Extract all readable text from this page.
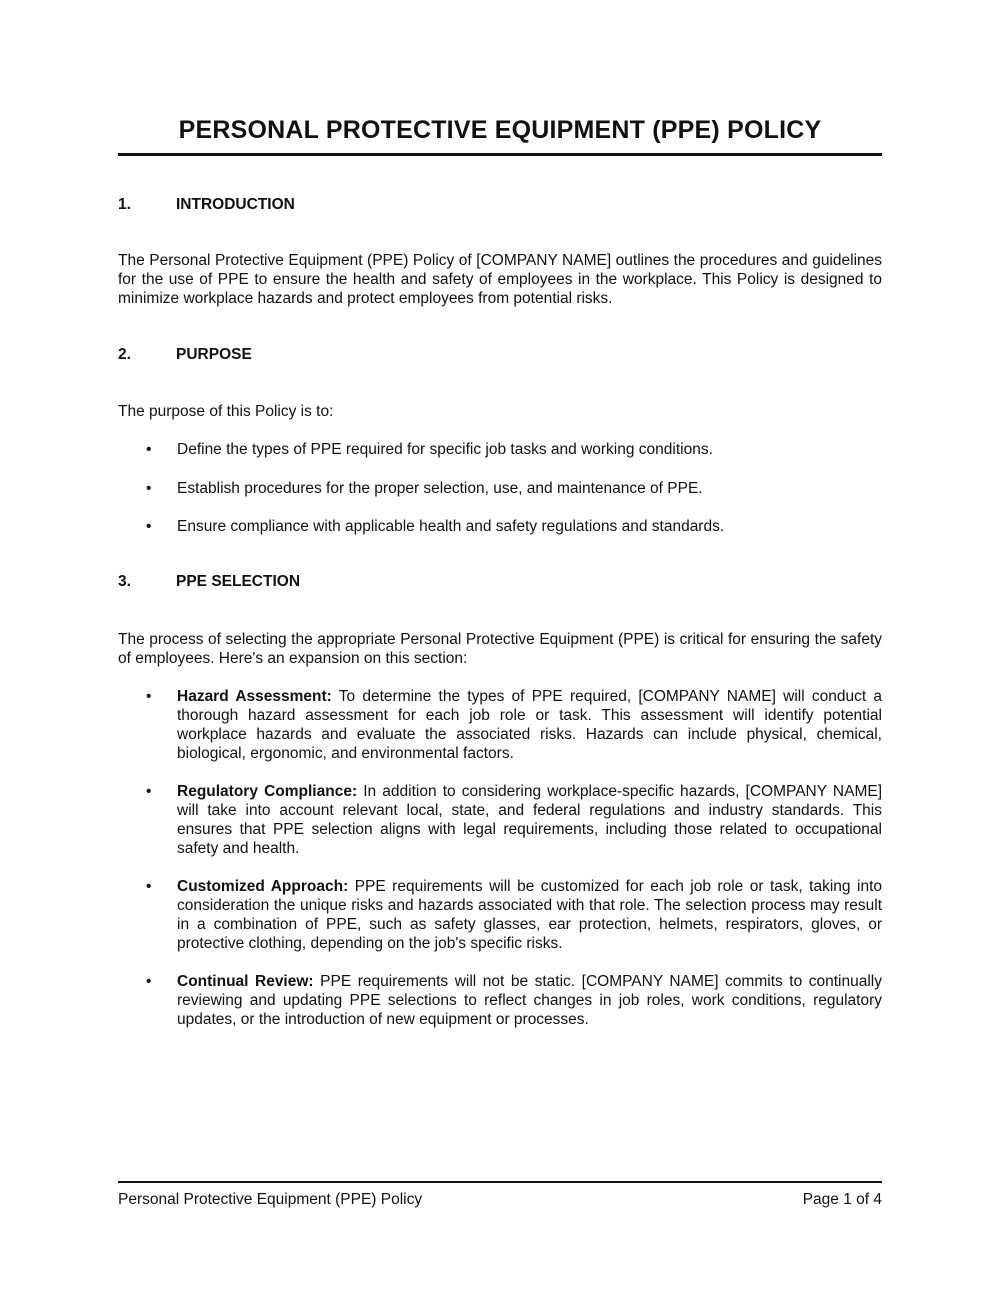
PERSONAL PROTECTIVE EQUIPMENT (PPE) POLICY
1.	INTRODUCTION

The Personal Protective Equipment (PPE) Policy of [COMPANY NAME] outlines the procedures and guidelines for the use of PPE to ensure the health and safety of employees in the workplace. This Policy is designed to minimize workplace hazards and protect employees from potential risks.

2.	PURPOSE

The purpose of this Policy is to:

• Define the types of PPE required for specific job tasks and working conditions.
• Establish procedures for the proper selection, use, and maintenance of PPE.
• Ensure compliance with applicable health and safety regulations and standards.
3.	PPE SELECTION

The process of selecting the appropriate Personal Protective Equipment (PPE) is critical for ensuring the safety of employees. Here's an expansion on this section:

• Hazard Assessment: To determine the types of PPE required, [COMPANY NAME] will conduct a thorough hazard assessment for each job role or task. This assessment will identify potential workplace hazards and evaluate the associated risks. Hazards can include physical, chemical, biological, ergonomic, and environmental factors.
• Regulatory Compliance: In addition to considering workplace-specific hazards, [COMPANY NAME] will take into account relevant local, state, and federal regulations and industry standards. This ensures that PPE selection aligns with legal requirements, including those related to occupational safety and health.
• Customized Approach: PPE requirements will be customized for each job role or task, taking into consideration the unique risks and hazards associated with that role. The selection process may result in a combination of PPE, such as safety glasses, ear protection, helmets, respirators, gloves, or protective clothing, depending on the job's specific risks.
• Continual Review: PPE requirements will not be static. [COMPANY NAME] commits to continually reviewing and updating PPE selections to reflect changes in job roles, work conditions, regulatory updates, or the introduction of new equipment or processes.
Personal Protective Equipment (PPE) Policy	Page 1 of 4
